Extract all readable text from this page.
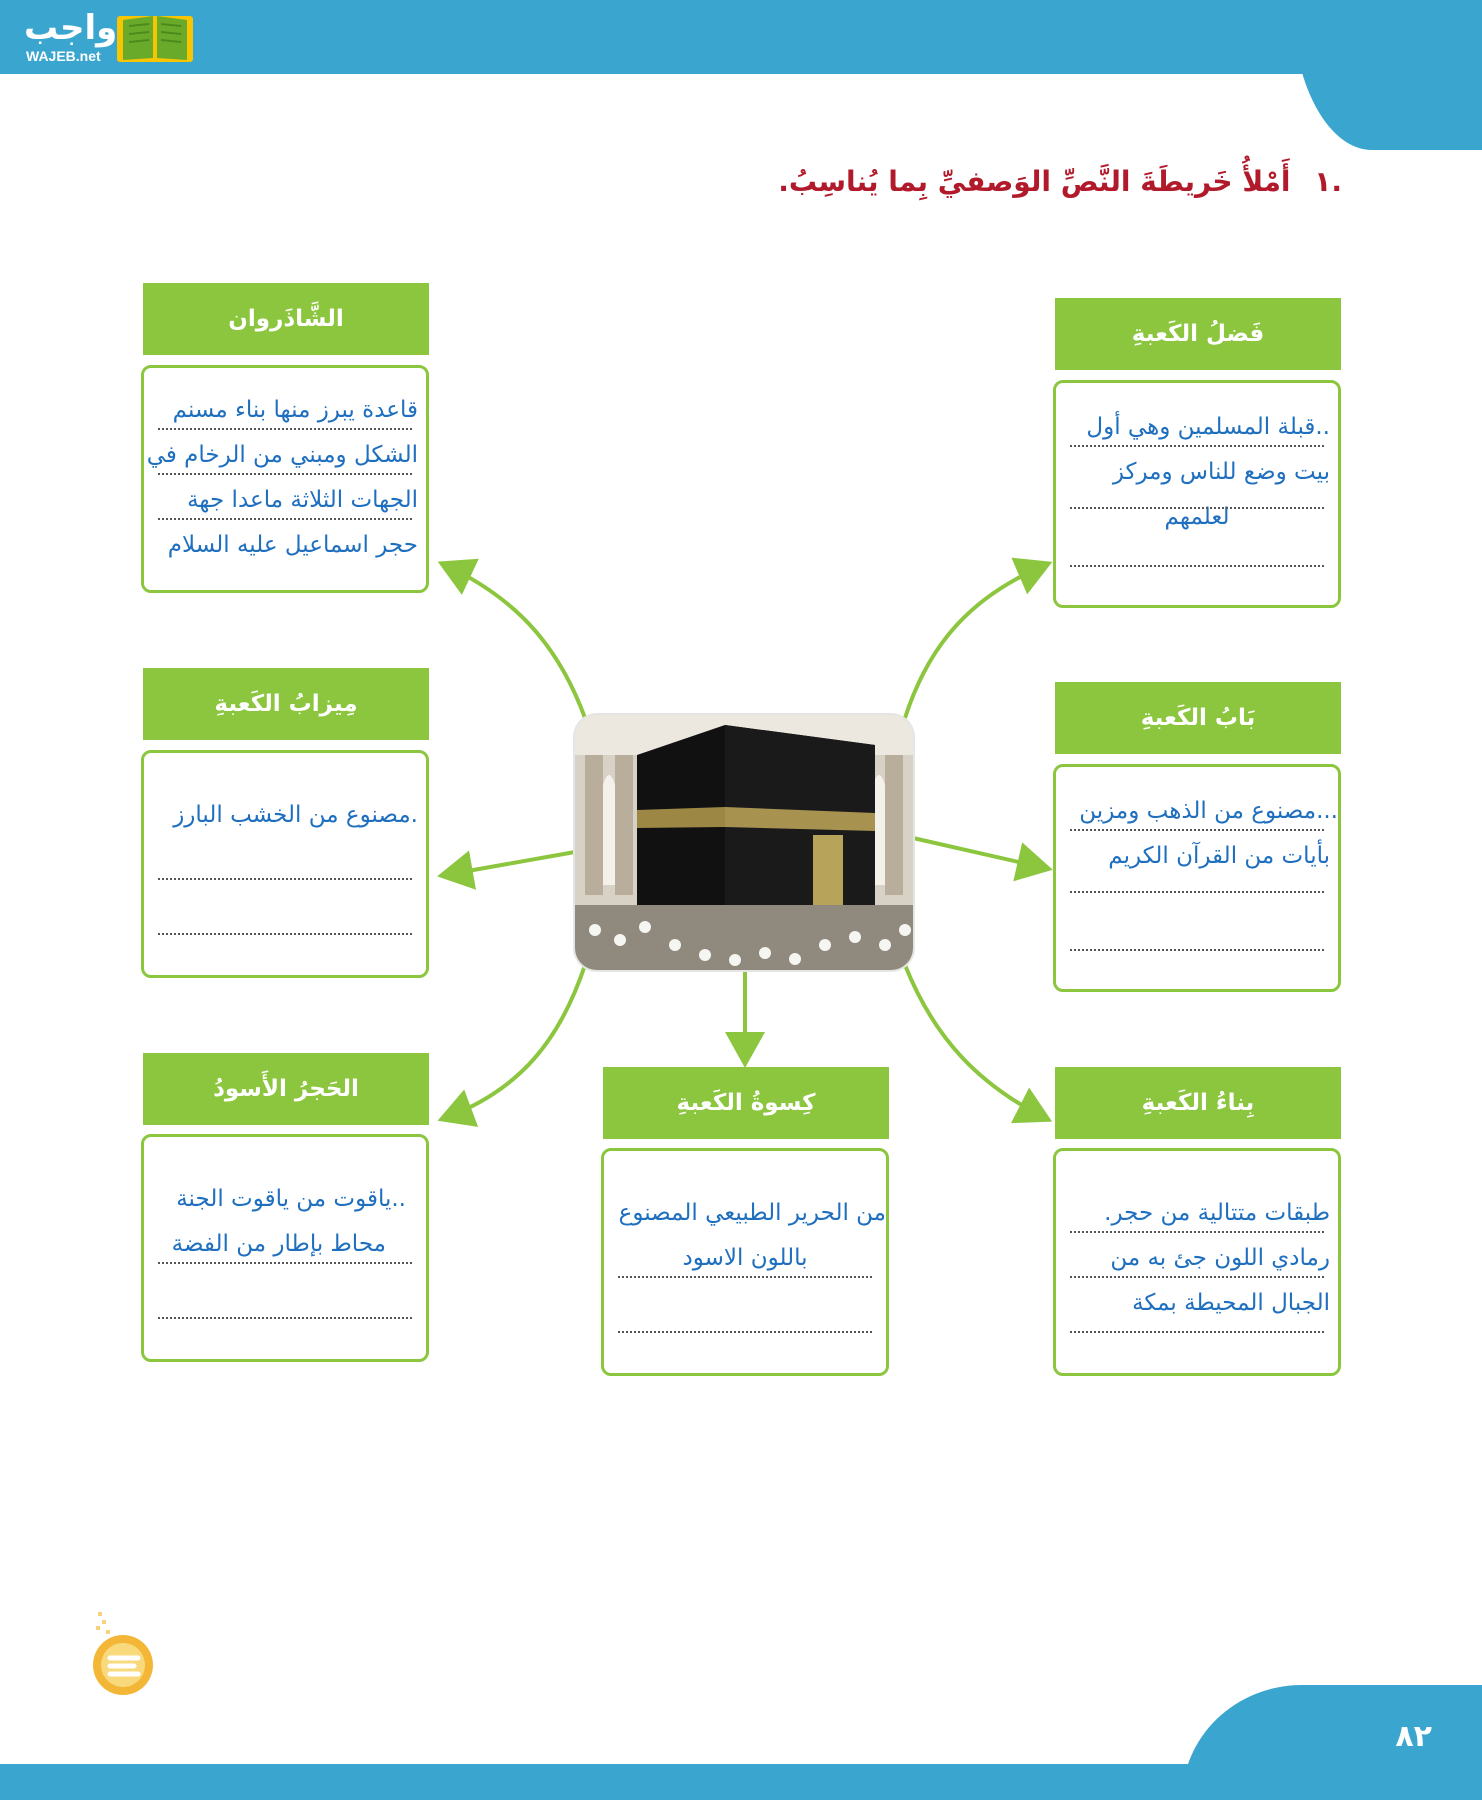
واجب
WAJEB.net
.١ أَمْلأُ خَريطَةَ النَّصِّ الوَصفيِّ بِما يُناسِبُ.
فَضلُ الكَعبةِ
..قبلة المسلمين وهي أول
بيت وضع للناس ومركز
لعلمهم
بَابُ الكَعبةِ
...مصنوع من الذهب ومزين
بأيات من القرآن الكريم
بِناءُ الكَعبةِ
طبقات متتالية من حجر.
رمادي اللون جئ به من
الجبال المحيطة بمكة
كِسوةُ الكَعبةِ
من الحرير الطبيعي المصنوع
باللون الاسود
الحَجرُ الأَسودُ
..ياقوت من ياقوت الجنة
محاط بإطار من الفضة
مِيزابُ الكَعبةِ
.مصنوع من الخشب البارز
الشَّاذَروان
قاعدة يبرز منها بناء مسنم
الشكل ومبني من الرخام في
الجهات الثلاثة ماعدا جهة
حجر اسماعيل عليه السلام
٨٢
